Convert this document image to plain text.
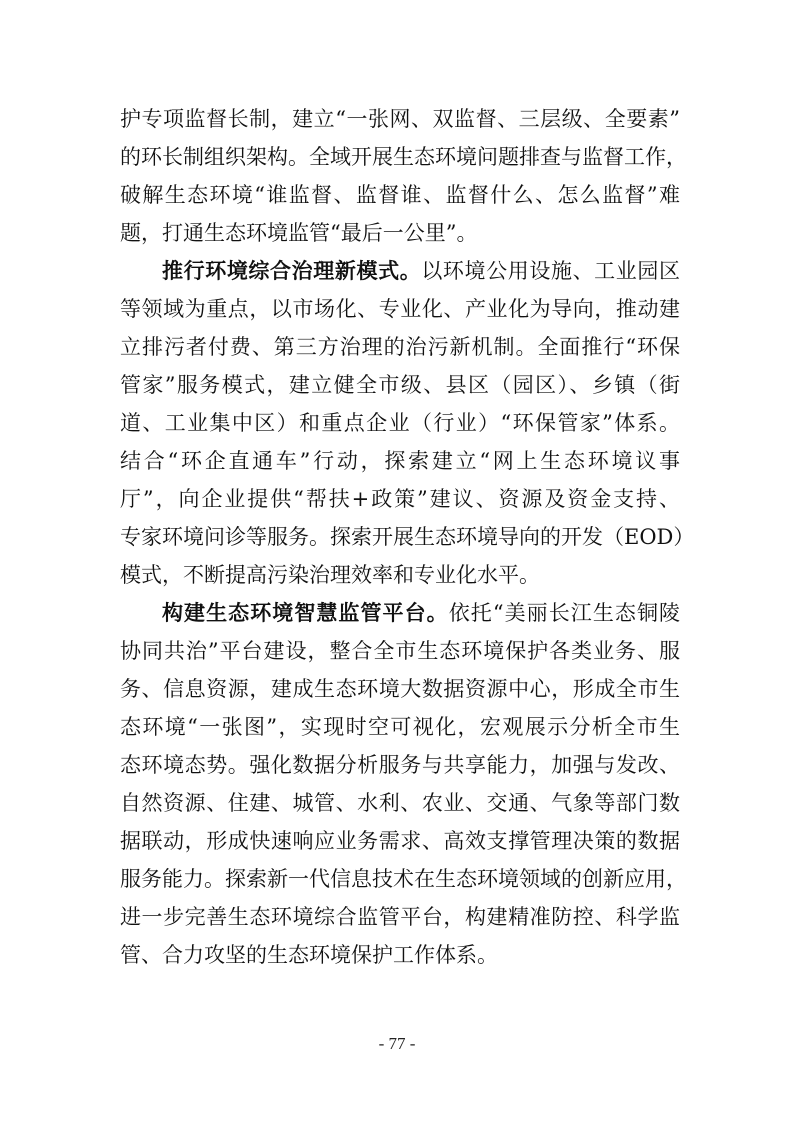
护专项监督长制，建立“一张网、双监督、三层级、全要素”
的环长制组织架构。全域开展生态环境问题排查与监督工作，
破解生态环境“谁监督、监督谁、监督什么、怎么监督”难
题，打通生态环境监管“最后一公里”。
推行环境综合治理新模式。以环境公用设施、工业园区
等领域为重点，以市场化、专业化、产业化为导向，推动建
立排污者付费、第三方治理的治污新机制。全面推行“环保
管家”服务模式，建立健全市级、县区（园区）、乡镇（街
道、工业集中区）和重点企业（行业）“环保管家”体系。
结合“环企直通车”行动，探索建立“网上生态环境议事
厅”，向企业提供“帮扶+政策”建议、资源及资金支持、
专家环境问诊等服务。探索开展生态环境导向的开发（EOD）
模式，不断提高污染治理效率和专业化水平。
构建生态环境智慧监管平台。依托“美丽长江生态铜陵
协同共治”平台建设，整合全市生态环境保护各类业务、服
务、信息资源，建成生态环境大数据资源中心，形成全市生
态环境“一张图”，实现时空可视化，宏观展示分析全市生
态环境态势。强化数据分析服务与共享能力，加强与发改、
自然资源、住建、城管、水利、农业、交通、气象等部门数
据联动，形成快速响应业务需求、高效支撑管理决策的数据
服务能力。探索新一代信息技术在生态环境领域的创新应用，
进一步完善生态环境综合监管平台，构建精准防控、科学监
管、合力攻坚的生态环境保护工作体系。
- 77 -
